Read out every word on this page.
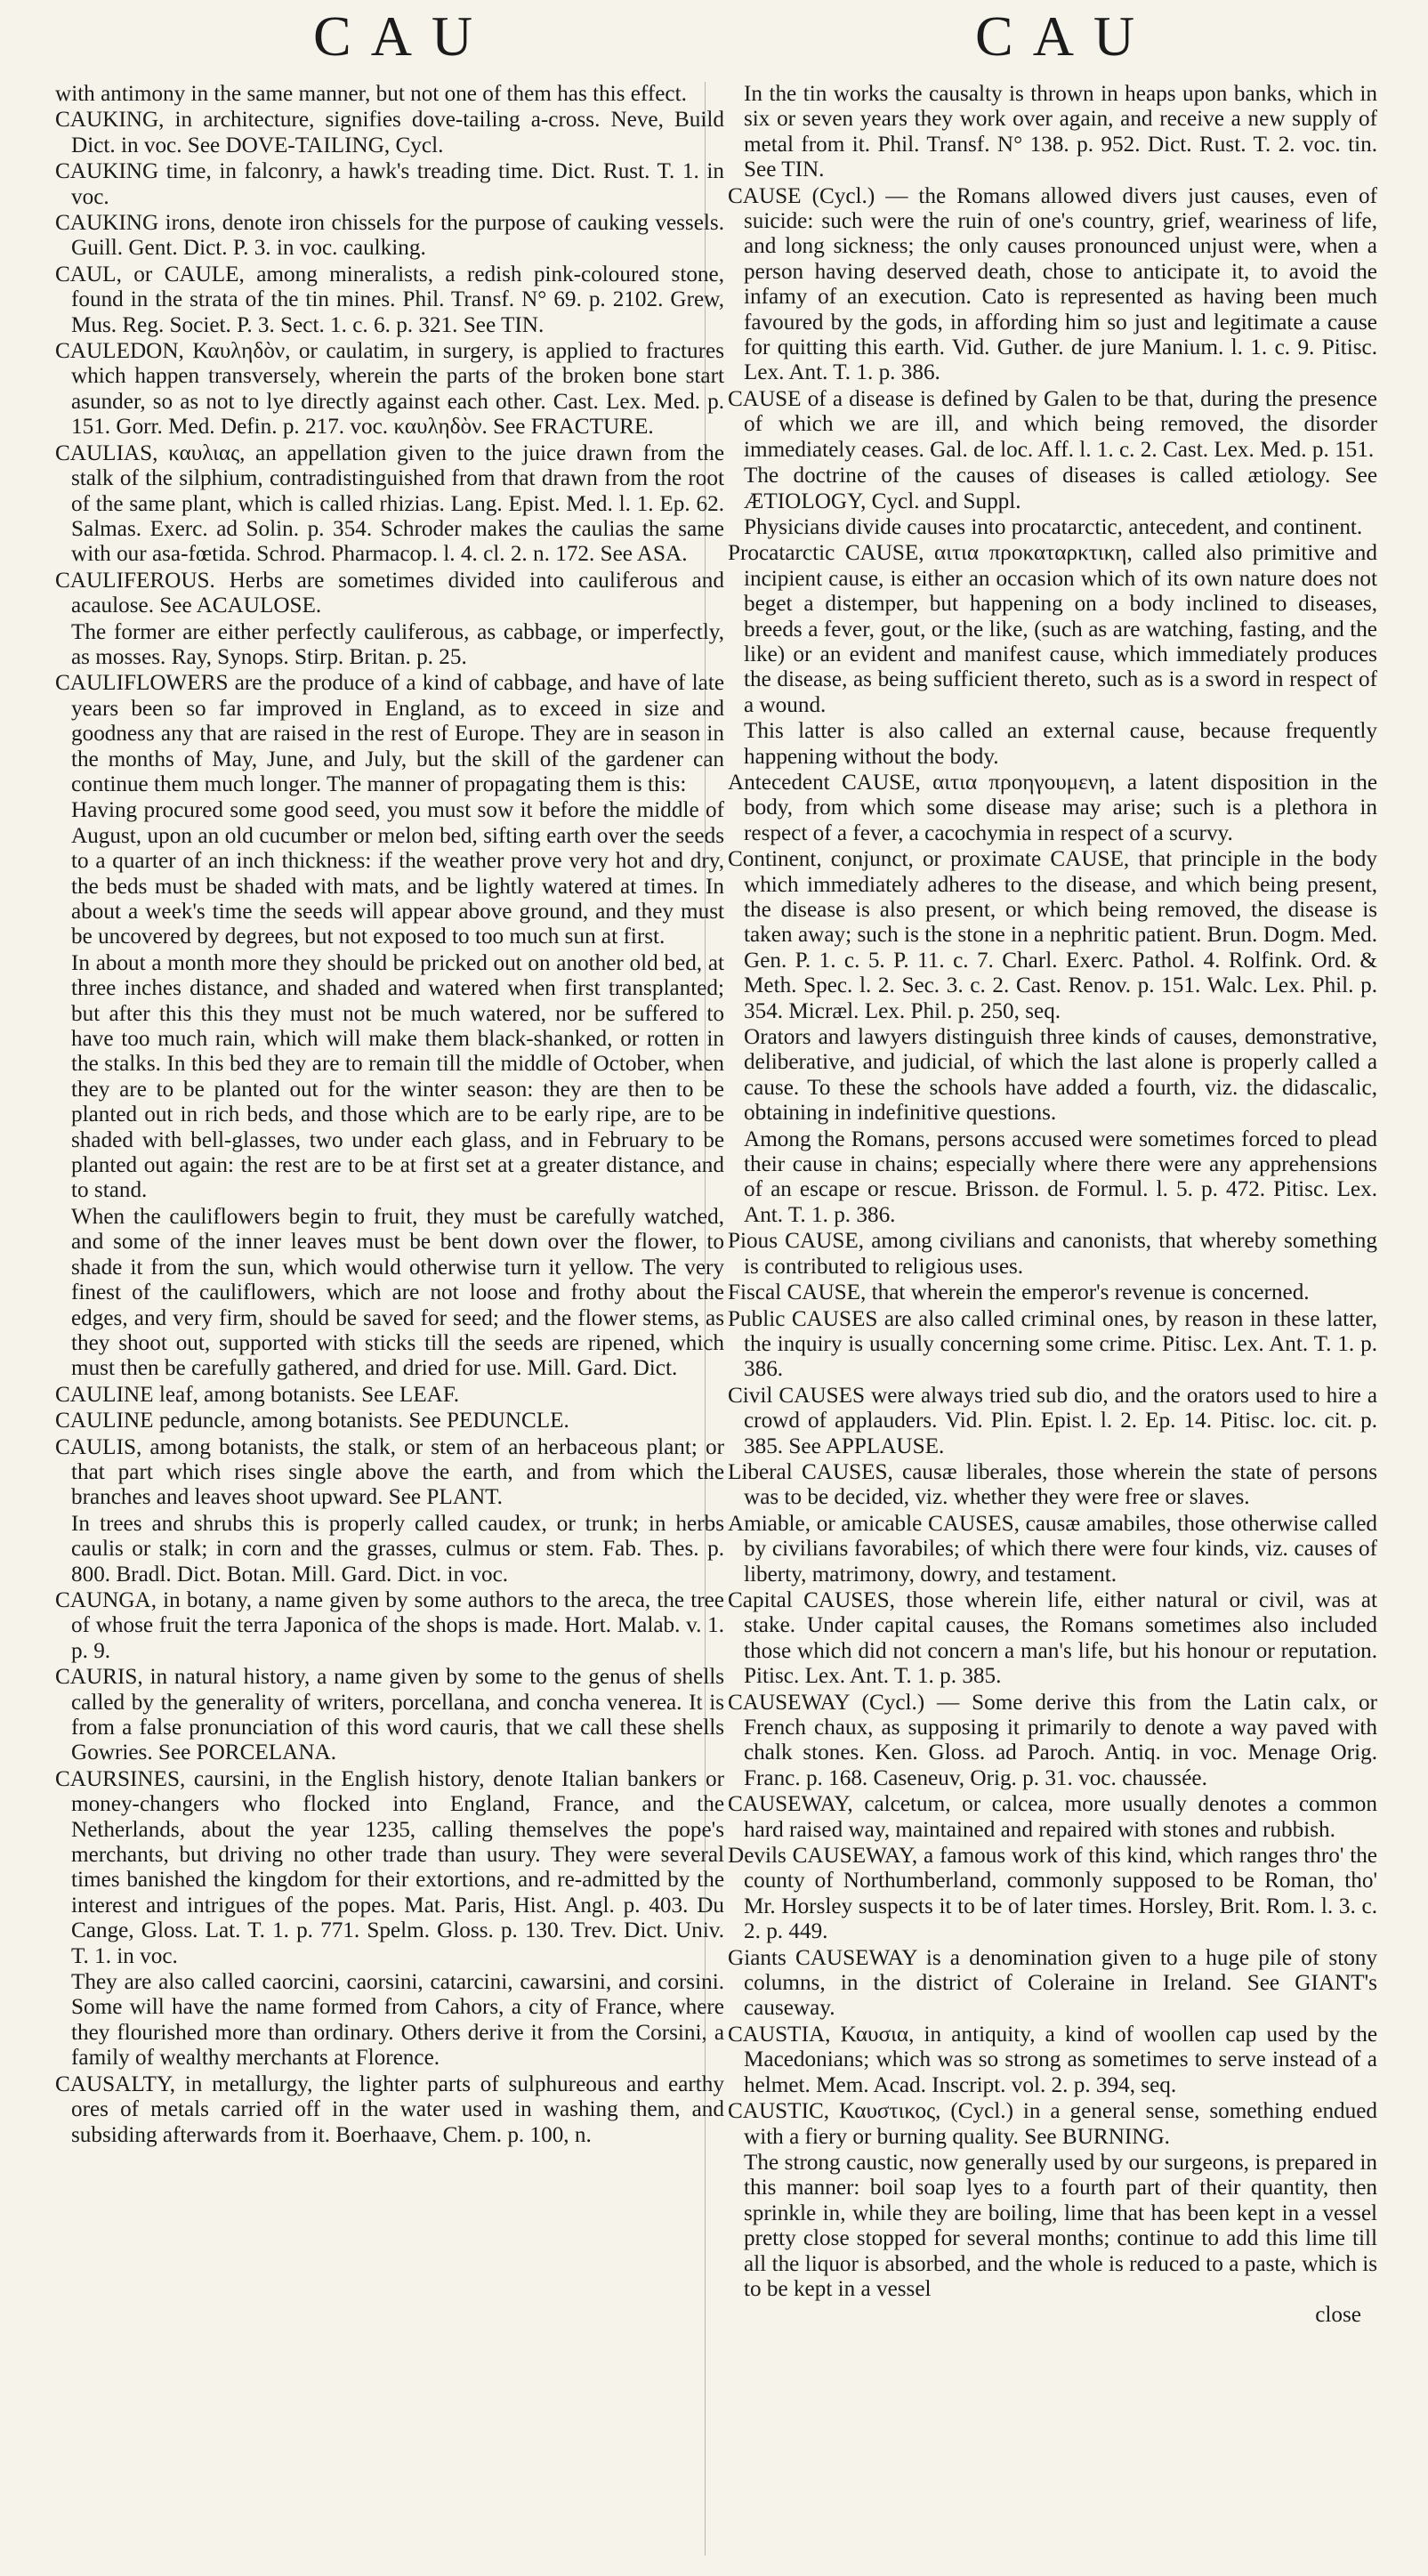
CAU	CAU
with antimony in the same manner, but not one of them has this effect.
CAUKING, in architecture, signifies dove-tailing a-cross. Neve, Build Dict. in voc. See DOVE-TAILING, Cycl.
CAUKING time, in falconry, a hawk's treading time. Dict. Rust. T. 1. in voc.
CAUKING irons, denote iron chissels for the purpose of cauking vessels. Guill. Gent. Dict. P. 3. in voc. caulking.
CAUL, or CAULE, among mineralists, a redish pink-coloured stone, found in the strata of the tin mines. Phil. Transf. N° 69. p. 2102. Grew, Mus. Reg. Societ. P. 3. Sect. 1. c. 6. p. 321. See TIN.
CAULEDON, Καυληδὸν, or caulatim, in surgery, is applied to fractures which happen transversely, wherein the parts of the broken bone start asunder, so as not to lye directly against each other. Cast. Lex. Med. p. 151. Gorr. Med. Defin. p. 217. voc. καυληδὸν. See FRACTURE.
CAULIAS, καυλιας, an appellation given to the juice drawn from the stalk of the silphium, contradistinguished from that drawn from the root of the same plant, which is called rhizias. Lang. Epist. Med. l. 1. Ep. 62. Salmas. Exerc. ad Solin. p. 354. Schroder makes the caulias the same with our asa-fœtida. Schrod. Pharmacop. l. 4. cl. 2. n. 172. See ASA.
CAULIFEROUS. Herbs are sometimes divided into cauliferous and acaulose. See ACAULOSE.
The former are either perfectly cauliferous, as cabbage, or imperfectly, as mosses. Ray, Synops. Stirp. Britan. p. 25.
CAULIFLOWERS are the produce of a kind of cabbage, and have of late years been so far improved in England, as to exceed in size and goodness any that are raised in the rest of Europe. They are in season in the months of May, June, and July, but the skill of the gardener can continue them much longer. The manner of propagating them is this:
Having procured some good seed, you must sow it before the middle of August, upon an old cucumber or melon bed, sifting earth over the seeds to a quarter of an inch thickness: if the weather prove very hot and dry, the beds must be shaded with mats, and be lightly watered at times. In about a week's time the seeds will appear above ground, and they must be uncovered by degrees, but not exposed to too much sun at first.
In about a month more they should be pricked out on another old bed, at three inches distance, and shaded and watered when first transplanted; but after this this they must not be much watered, nor be suffered to have too much rain, which will make them black-shanked, or rotten in the stalks. In this bed they are to remain till the middle of October, when they are to be planted out for the winter season: they are then to be planted out in rich beds, and those which are to be early ripe, are to be shaded with bell-glasses, two under each glass, and in February to be planted out again: the rest are to be at first set at a greater distance, and to stand.
When the cauliflowers begin to fruit, they must be carefully watched, and some of the inner leaves must be bent down over the flower, to shade it from the sun, which would otherwise turn it yellow. The very finest of the cauliflowers, which are not loose and frothy about the edges, and very firm, should be saved for seed; and the flower stems, as they shoot out, supported with sticks till the seeds are ripened, which must then be carefully gathered, and dried for use. Mill. Gard. Dict.
CAULINE leaf, among botanists. See LEAF.
CAULINE peduncle, among botanists. See PEDUNCLE.
CAULIS, among botanists, the stalk, or stem of an herbaceous plant; or that part which rises single above the earth, and from which the branches and leaves shoot upward. See PLANT.
In trees and shrubs this is properly called caudex, or trunk; in herbs caulis or stalk; in corn and the grasses, culmus or stem. Fab. Thes. p. 800. Bradl. Dict. Botan. Mill. Gard. Dict. in voc.
CAUNGA, in botany, a name given by some authors to the areca, the tree of whose fruit the terra Japonica of the shops is made. Hort. Malab. v. 1. p. 9.
CAURIS, in natural history, a name given by some to the genus of shells called by the generality of writers, porcellana, and concha venerea. It is from a false pronunciation of this word cauris, that we call these shells Gowries. See PORCELANA.
CAURSINES, caursini, in the English history, denote Italian bankers or money-changers who flocked into England, France, and the Netherlands, about the year 1235, calling themselves the pope's merchants, but driving no other trade than usury. They were several times banished the kingdom for their extortions, and re-admitted by the interest and intrigues of the popes. Mat. Paris, Hist. Angl. p. 403. Du Cange, Gloss. Lat. T. 1. p. 771. Spelm. Gloss. p. 130. Trev. Dict. Univ. T. 1. in voc.
They are also called caorcini, caorsini, catarcini, cawarsini, and corsini. Some will have the name formed from Cahors, a city of France, where they flourished more than ordinary. Others derive it from the Corsini, a family of wealthy merchants at Florence.
CAUSALTY, in metallurgy, the lighter parts of sulphureous and earthy ores of metals carried off in the water used in washing them, and subsiding afterwards from it. Boerhaave, Chem. p. 100, n.
In the tin works the causalty is thrown in heaps upon banks, which in six or seven years they work over again, and receive a new supply of metal from it. Phil. Transf. N° 138. p. 952. Dict. Rust. T. 2. voc. tin. See TIN.
CAUSE (Cycl.) — the Romans allowed divers just causes, even of suicide: such were the ruin of one's country, grief, weariness of life, and long sickness; the only causes pronounced unjust were, when a person having deserved death, chose to anticipate it, to avoid the infamy of an execution. Cato is represented as having been much favoured by the gods, in affording him so just and legitimate a cause for quitting this earth. Vid. Guther. de jure Manium. l. 1. c. 9. Pitisc. Lex. Ant. T. 1. p. 386.
CAUSE of a disease is defined by Galen to be that, during the presence of which we are ill, and which being removed, the disorder immediately ceases. Gal. de loc. Aff. l. 1. c. 2. Cast. Lex. Med. p. 151.
The doctrine of the causes of diseases is called ætiology. See ÆTIOLOGY, Cycl. and Suppl.
Physicians divide causes into procatarctic, antecedent, and continent.
Procatarctic CAUSE, αιτια προκαταρκτικη, called also primitive and incipient cause, is either an occasion which of its own nature does not beget a distemper, but happening on a body inclined to diseases, breeds a fever, gout, or the like, (such as are watching, fasting, and the like) or an evident and manifest cause, which immediately produces the disease, as being sufficient thereto, such as is a sword in respect of a wound.
This latter is also called an external cause, because frequently happening without the body.
Antecedent CAUSE, αιτια προηγουμενη, a latent disposition in the body, from which some disease may arise; such is a plethora in respect of a fever, a cacochymia in respect of a scurvy.
Continent, conjunct, or proximate CAUSE, that principle in the body which immediately adheres to the disease, and which being present, the disease is also present, or which being removed, the disease is taken away; such is the stone in a nephritic patient. Brun. Dogm. Med. Gen. P. 1. c. 5. P. 11. c. 7. Charl. Exerc. Pathol. 4. Rolfink. Ord. & Meth. Spec. l. 2. Sec. 3. c. 2. Cast. Renov. p. 151. Walc. Lex. Phil. p. 354. Micræl. Lex. Phil. p. 250, seq.
Orators and lawyers distinguish three kinds of causes, demonstrative, deliberative, and judicial, of which the last alone is properly called a cause. To these the schools have added a fourth, viz. the didascalic, obtaining in indefinitive questions.
Among the Romans, persons accused were sometimes forced to plead their cause in chains; especially where there were any apprehensions of an escape or rescue. Brisson. de Formul. l. 5. p. 472. Pitisc. Lex. Ant. T. 1. p. 386.
Pious CAUSE, among civilians and canonists, that whereby something is contributed to religious uses.
Fiscal CAUSE, that wherein the emperor's revenue is concerned.
Public CAUSES are also called criminal ones, by reason in these latter, the inquiry is usually concerning some crime. Pitisc. Lex. Ant. T. 1. p. 386.
Civil CAUSES were always tried sub dio, and the orators used to hire a crowd of applauders. Vid. Plin. Epist. l. 2. Ep. 14. Pitisc. loc. cit. p. 385. See APPLAUSE.
Liberal CAUSES, causæ liberales, those wherein the state of persons was to be decided, viz. whether they were free or slaves.
Amiable, or amicable CAUSES, causæ amabiles, those otherwise called by civilians favorabiles; of which there were four kinds, viz. causes of liberty, matrimony, dowry, and testament.
Capital CAUSES, those wherein life, either natural or civil, was at stake. Under capital causes, the Romans sometimes also included those which did not concern a man's life, but his honour or reputation. Pitisc. Lex. Ant. T. 1. p. 385.
CAUSEWAY (Cycl.) — Some derive this from the Latin calx, or French chaux, as supposing it primarily to denote a way paved with chalk stones. Ken. Gloss. ad Paroch. Antiq. in voc. Menage Orig. Franc. p. 168. Caseneuv, Orig. p. 31. voc. chaussée.
CAUSEWAY, calcetum, or calcea, more usually denotes a common hard raised way, maintained and repaired with stones and rubbish.
Devils CAUSEWAY, a famous work of this kind, which ranges thro' the county of Northumberland, commonly supposed to be Roman, tho' Mr. Horsley suspects it to be of later times. Horsley, Brit. Rom. l. 3. c. 2. p. 449.
Giants CAUSEWAY is a denomination given to a huge pile of stony columns, in the district of Coleraine in Ireland. See GIANT's causeway.
CAUSTIA, Καυσια, in antiquity, a kind of woollen cap used by the Macedonians; which was so strong as sometimes to serve instead of a helmet. Mem. Acad. Inscript. vol. 2. p. 394, seq.
CAUSTIC, Καυστικος, (Cycl.) in a general sense, something endued with a fiery or burning quality. See BURNING.
The strong caustic, now generally used by our surgeons, is prepared in this manner: boil soap lyes to a fourth part of their quantity, then sprinkle in, while they are boiling, lime that has been kept in a vessel pretty close stopped for several months; continue to add this lime till all the liquor is absorbed, and the whole is reduced to a paste, which is to be kept in a vessel
close
